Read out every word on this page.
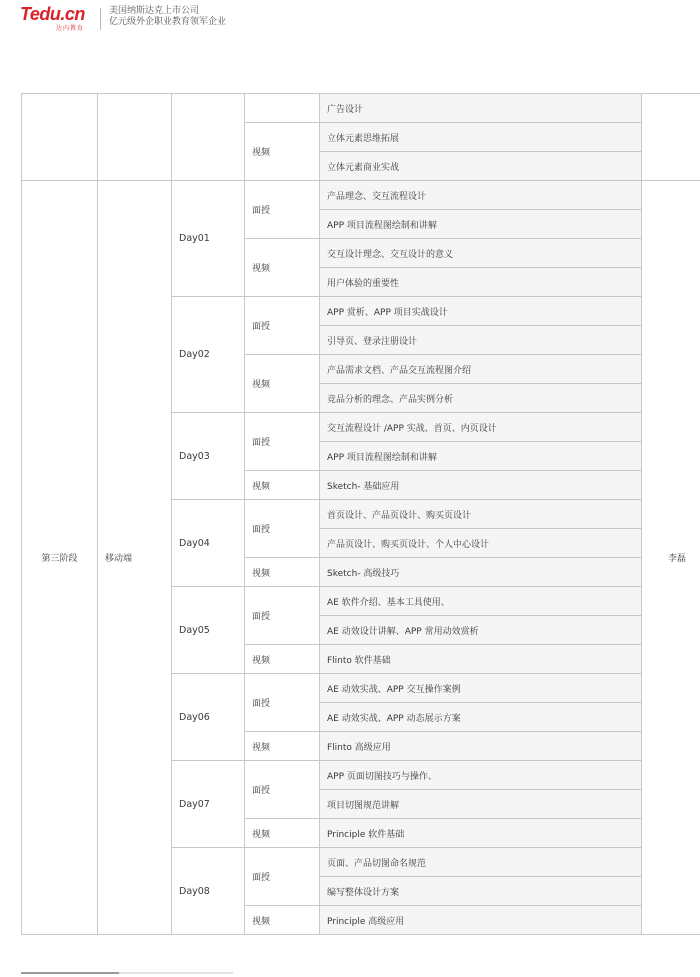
Tedu.cn
达内教育
美国纳斯达克上市公司
亿元级外企职业教育领军企业
				广告设计	
			视频	立体元素思维拓展	
				立体元素商业实战	
第三阶段	移动端	Day01	面授	产品理念、交互流程设计	李磊
				APP 项目流程图绘制和讲解	
			视频	交互设计理念、交互设计的意义	
				用户体验的重要性	
		Day02	面授	APP 赏析、APP 项目实战设计	
				引导页、登录注册设计	
			视频	产品需求文档、产品交互流程图介绍	
				竞品分析的理念、产品实例分析	
		Day03	面授	交互流程设计 /APP 实战、首页、内页设计	
				APP 项目流程图绘制和讲解	
			视频	Sketch- 基础应用	
		Day04	面授	首页设计、产品页设计、购买页设计	
				产品页设计、购买页设计、个人中心设计	
			视频	Sketch- 高级技巧	
		Day05	面授	AE 软件介绍、基本工具使用、	
				AE 动效设计讲解、APP 常用动效赏析	
			视频	Flinto 软件基础	
		Day06	面授	AE 动效实战、APP 交互操作案例	
				AE 动效实战、APP 动态展示方案	
			视频	Flinto 高级应用	
		Day07	面授	APP 页面切图技巧与操作、	
				项目切图规范讲解	
			视频	Principle 软件基础	
		Day08	面授	页面、产品切图命名规范	
				编写整体设计方案	
			视频	Principle 高级应用	
